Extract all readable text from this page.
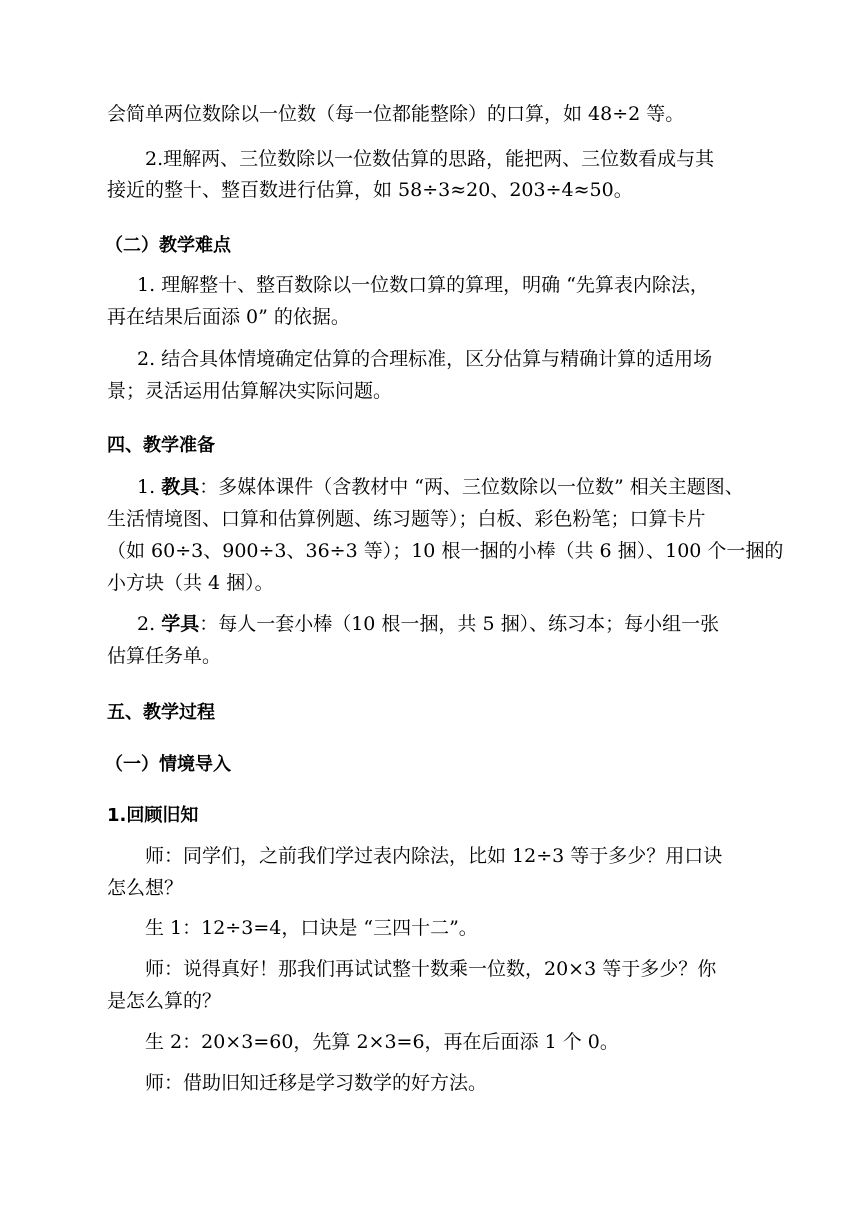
会简单两位数除以一位数（每一位都能整除）的口算，如 48÷2 等。
2.理解两、三位数除以一位数估算的思路，能把两、三位数看成与其
接近的整十、整百数进行估算，如 58÷3≈20、203÷4≈50。
（二）教学难点
1. 理解整十、整百数除以一位数口算的算理，明确 “先算表内除法，
再在结果后面添 0” 的依据。
2. 结合具体情境确定估算的合理标准，区分估算与精确计算的适用场
景；灵活运用估算解决实际问题。
四、教学准备
1. 教具：多媒体课件（含教材中 “两、三位数除以一位数” 相关主题图、
生活情境图、口算和估算例题、练习题等）；白板、彩色粉笔；口算卡片
（如 60÷3、900÷3、36÷3 等）；10 根一捆的小棒（共 6 捆）、100 个一捆的
小方块（共 4 捆）。
2. 学具：每人一套小棒（10 根一捆，共 5 捆）、练习本；每小组一张
估算任务单。
五、教学过程
（一）情境导入
1.回顾旧知
师：同学们，之前我们学过表内除法，比如 12÷3 等于多少？用口诀
怎么想？
生 1：12÷3=4，口诀是 “三四十二”。
师：说得真好！那我们再试试整十数乘一位数，20×3 等于多少？你
是怎么算的？
生 2：20×3=60，先算 2×3=6，再在后面添 1 个 0。
师：借助旧知迁移是学习数学的好方法。
